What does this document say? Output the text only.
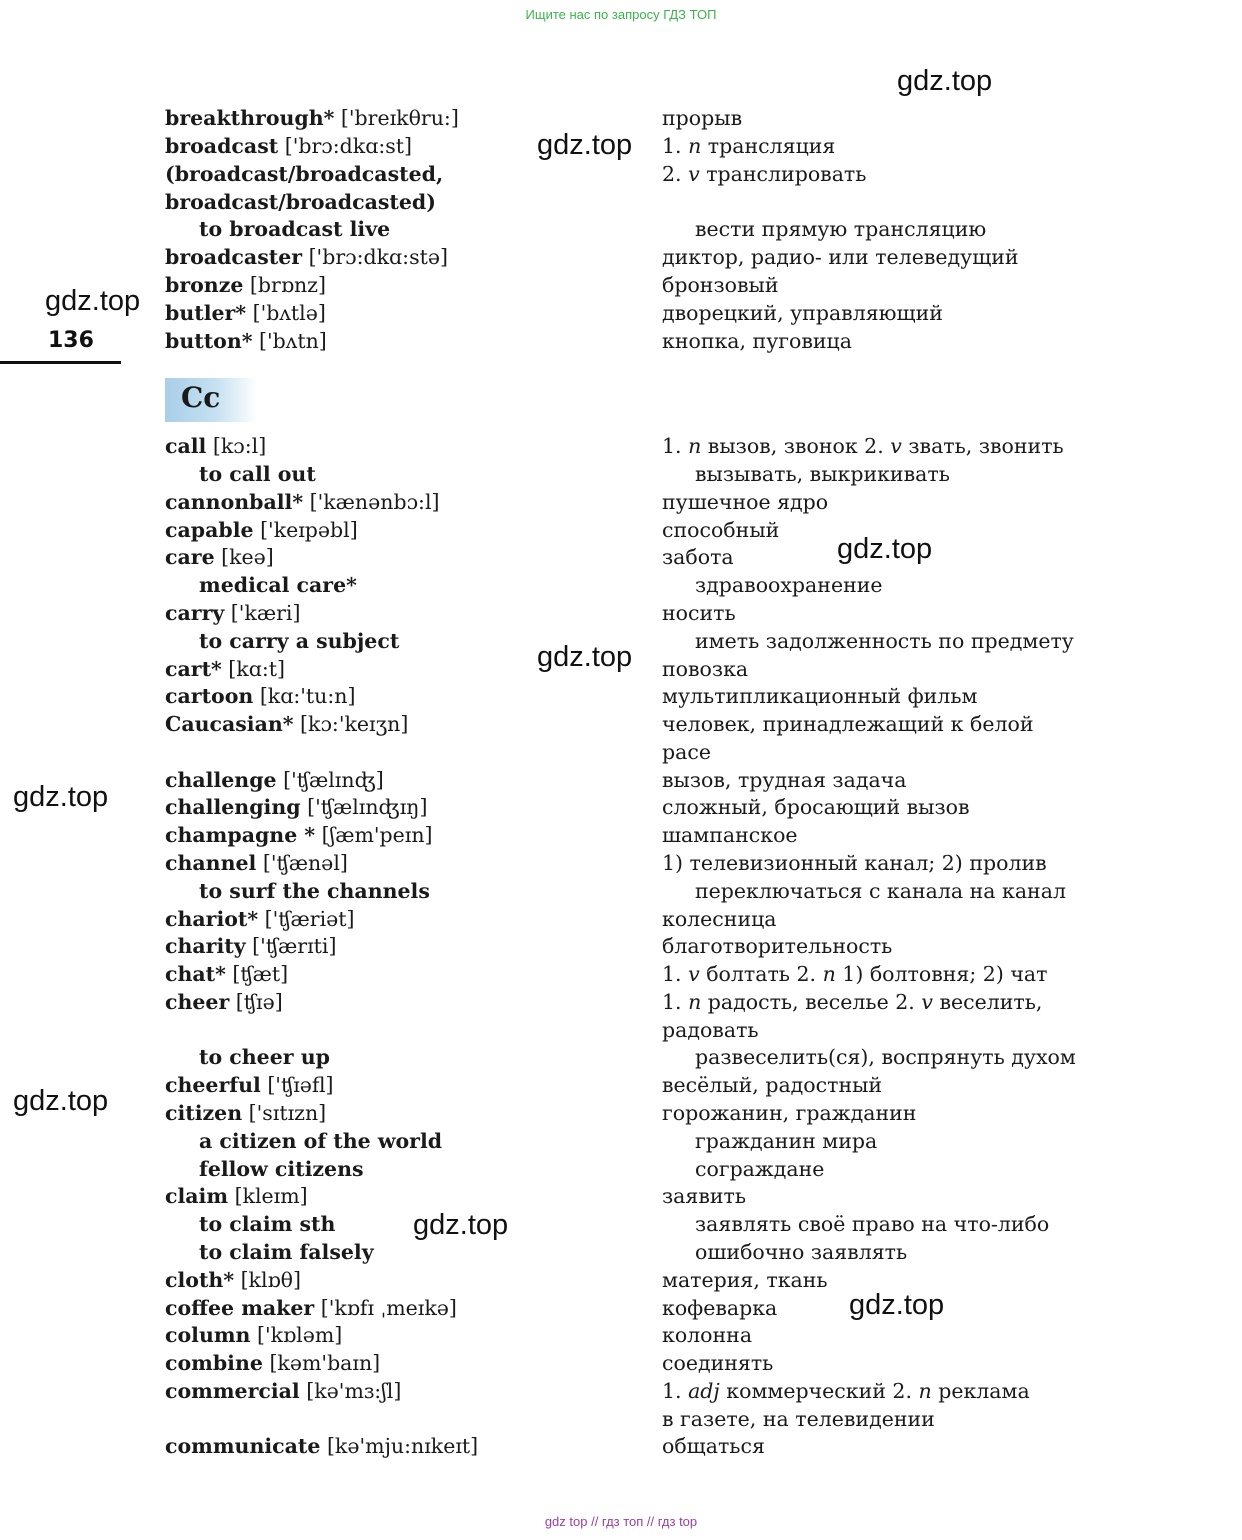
Ищите нас по запросу ГДЗ ТОП
gdz.top
gdz.top
gdz.top
gdz.top
gdz.top
gdz.top
gdz.top
gdz.top
gdz.top
136
Cc
breakthrough* ['breɪkθru:]
broadcast ['brɔ:dkɑ:st]
(broadcast/broadcasted,
broadcast/broadcasted)
to broadcast live
broadcaster ['brɔ:dkɑ:stə]
bronze [brɒnz]
butler* ['bʌtlə]
button* ['bʌtn]
call [kɔ:l]
to call out
cannonball* ['kænənbɔ:l]
capable ['keɪpəbl]
care [keə]
medical care*
carry ['kæri]
to carry a subject
cart* [kɑ:t]
cartoon [kɑ:'tu:n]
Caucasian* [kɔ:'keɪʒn]
challenge ['ʧælɪnʤ]
challenging ['ʧælɪnʤɪŋ]
champagne * [ʃæm'peɪn]
channel ['ʧænəl]
to surf the channels
chariot* ['ʧæriət]
charity ['ʧærɪti]
chat* [ʧæt]
cheer [ʧɪə]
to cheer up
cheerful ['ʧɪəfl]
citizen ['sɪtɪzn]
a citizen of the world
fellow citizens
claim [kleɪm]
to claim sth
to claim falsely
cloth* [klɒθ]
coffee maker ['kɒfɪ ˌmeɪkə]
column ['kɒləm]
combine [kəm'baɪn]
commercial [kə'mɜ:ʃl]
communicate [kə'mju:nɪkeɪt]
прорыв
1. n трансляция
2. v транслировать
вести прямую трансляцию
диктор, радио- или телеведущий
бронзовый
дворецкий, управляющий
кнопка, пуговица
1. n вызов, звонок 2. v звать, звонить
вызывать, выкрикивать
пушечное ядро
способный
забота
здравоохранение
носить
иметь задолженность по предмету
повозка
мультипликационный фильм
человек, принадлежащий к белой
расе
вызов, трудная задача
сложный, бросающий вызов
шампанское
1) телевизионный канал; 2) пролив
переключаться с канала на канал
колесница
благотворительность
1. v болтать 2. n 1) болтовня; 2) чат
1. n радость, веселье 2. v веселить,
радовать
развеселить(ся), воспрянуть духом
весёлый, радостный
горожанин, гражданин
гражданин мира
сограждане
заявить
заявлять своё право на что-либо
ошибочно заявлять
материя, ткань
кофеварка
колонна
соединять
1. adj коммерческий 2. n реклама
в газете, на телевидении
общаться
gdz top // гдз топ // гдз top
